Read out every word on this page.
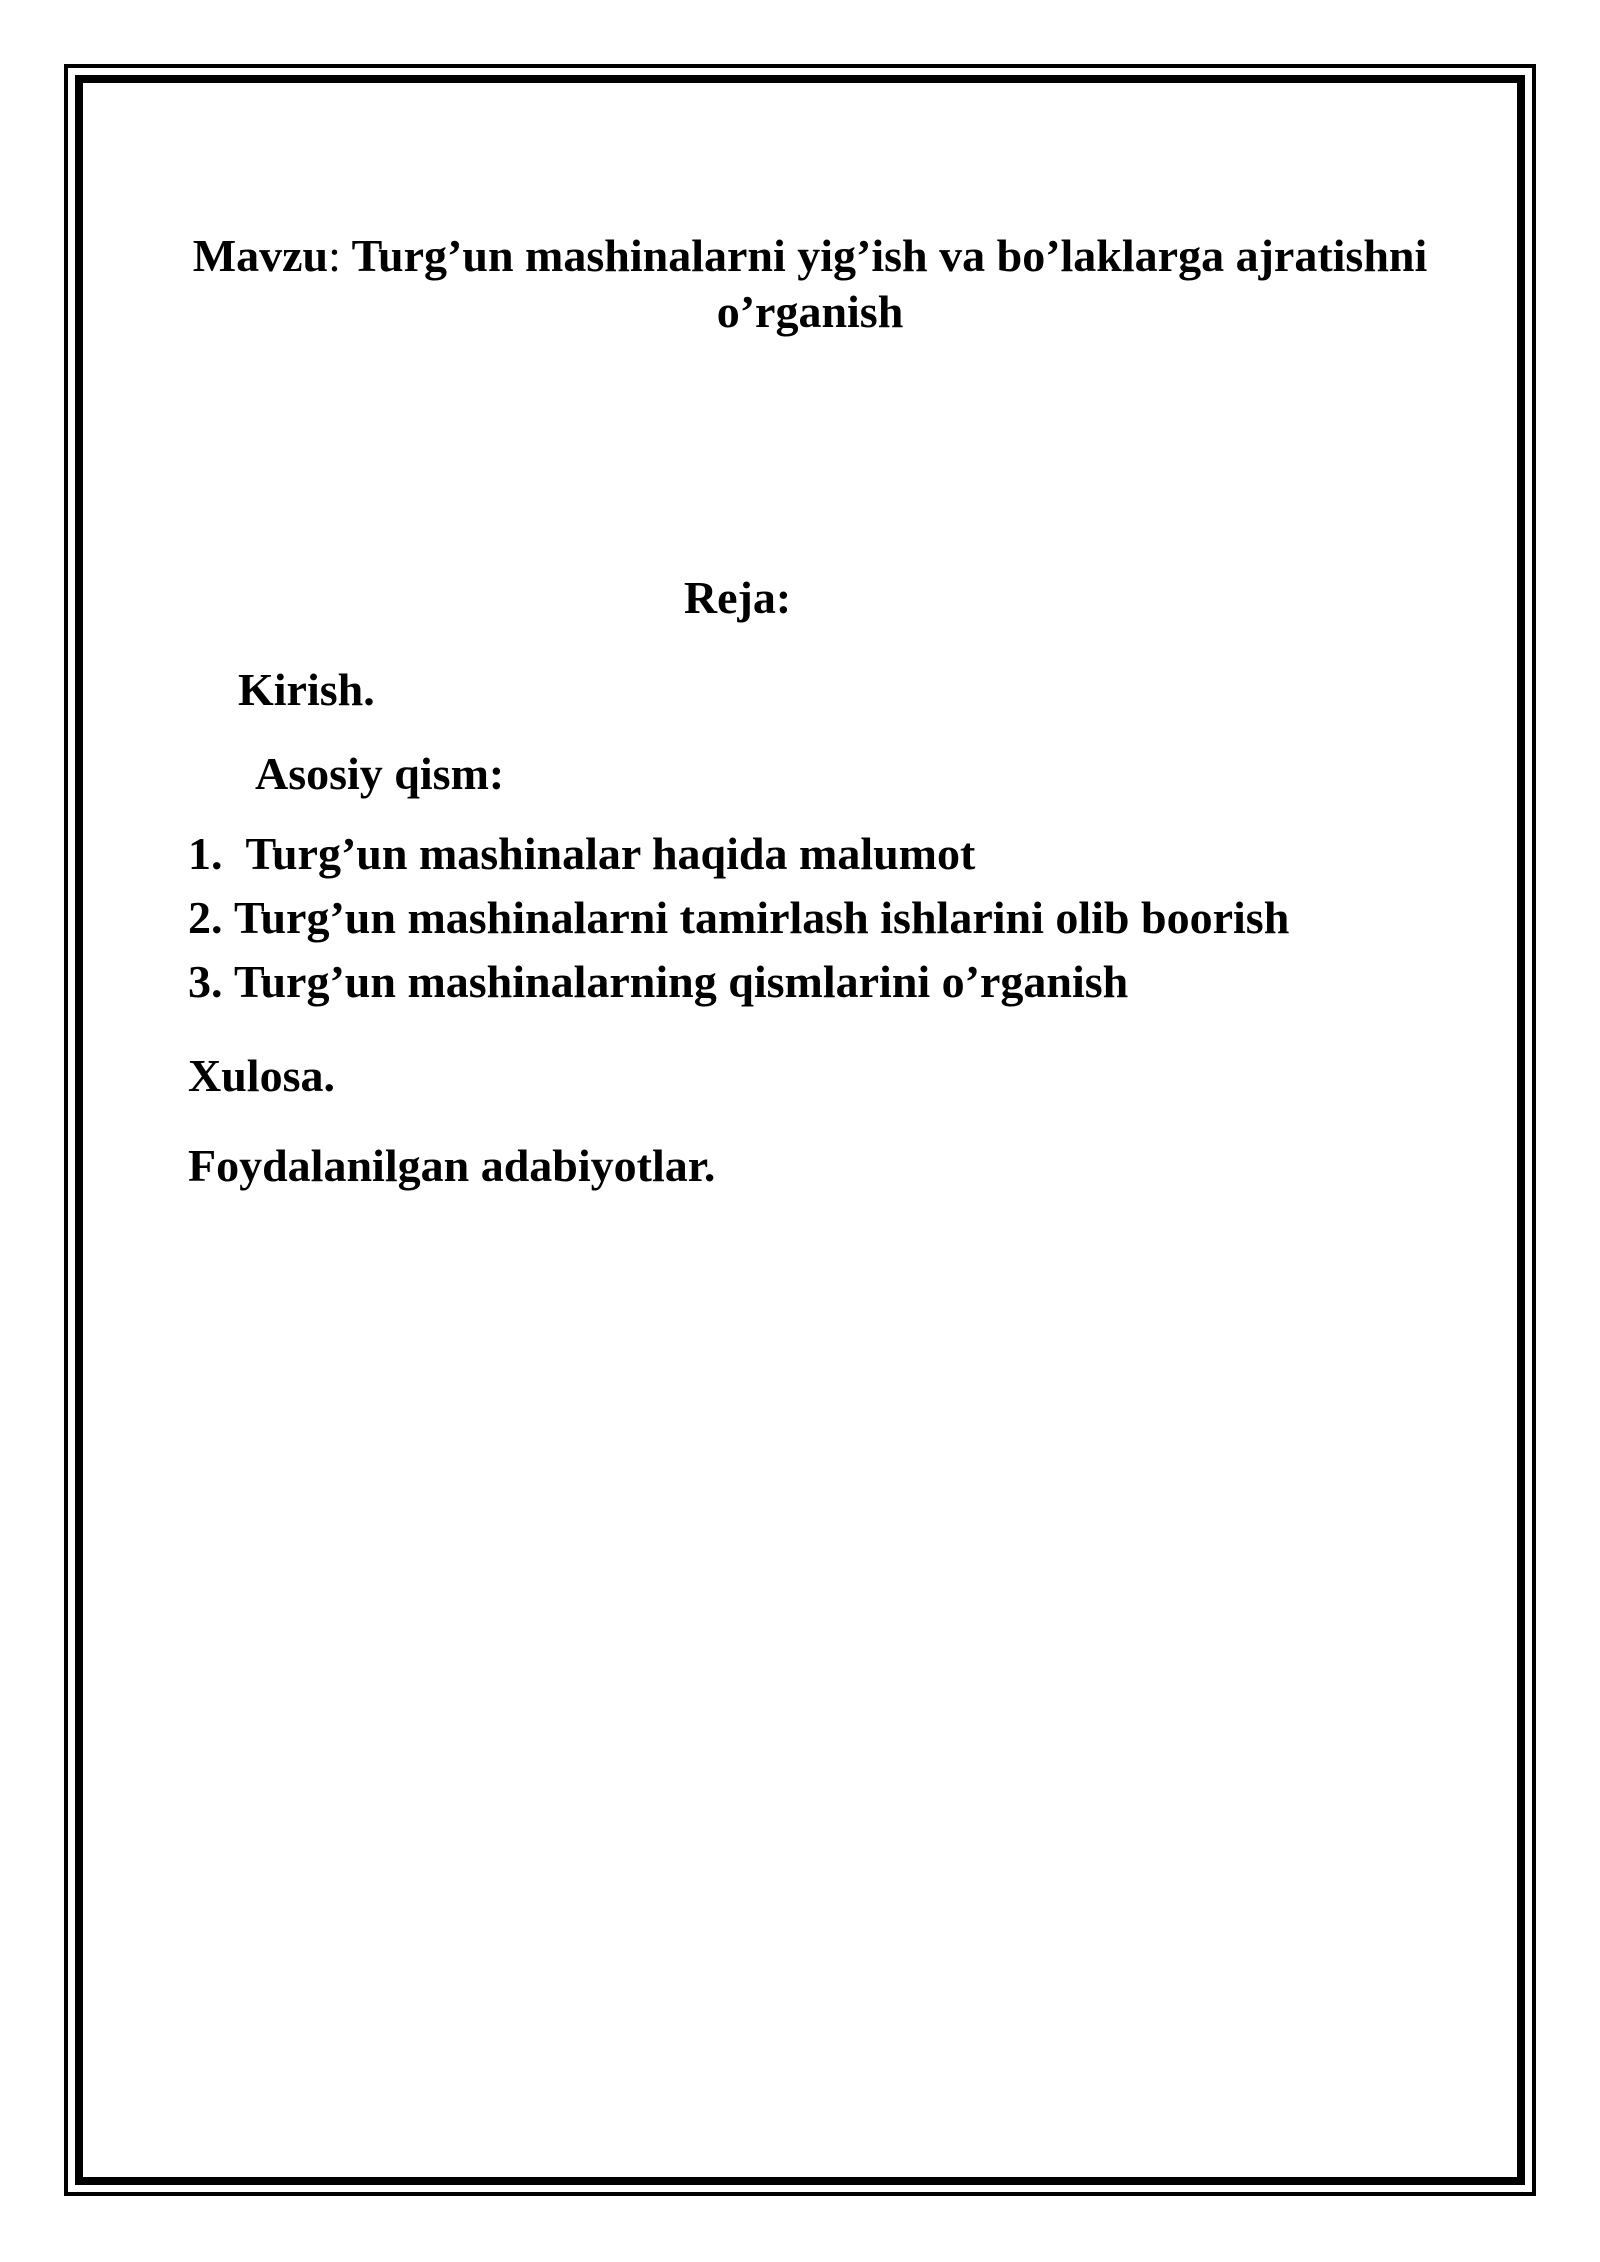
Mavzu: Turg’un mashinalarni yig’ish va bo’laklarga ajratishni o’rganish
Reja:
Kirish.
Asosiy qism:
1. Turg’un mashinalar haqida malumot
2. Turg’un mashinalarni tamirlash ishlarini olib boorish
3. Turg’un mashinalarning qismlarini o’rganish
Xulosa.
Foydalanilgan adabiyotlar.
